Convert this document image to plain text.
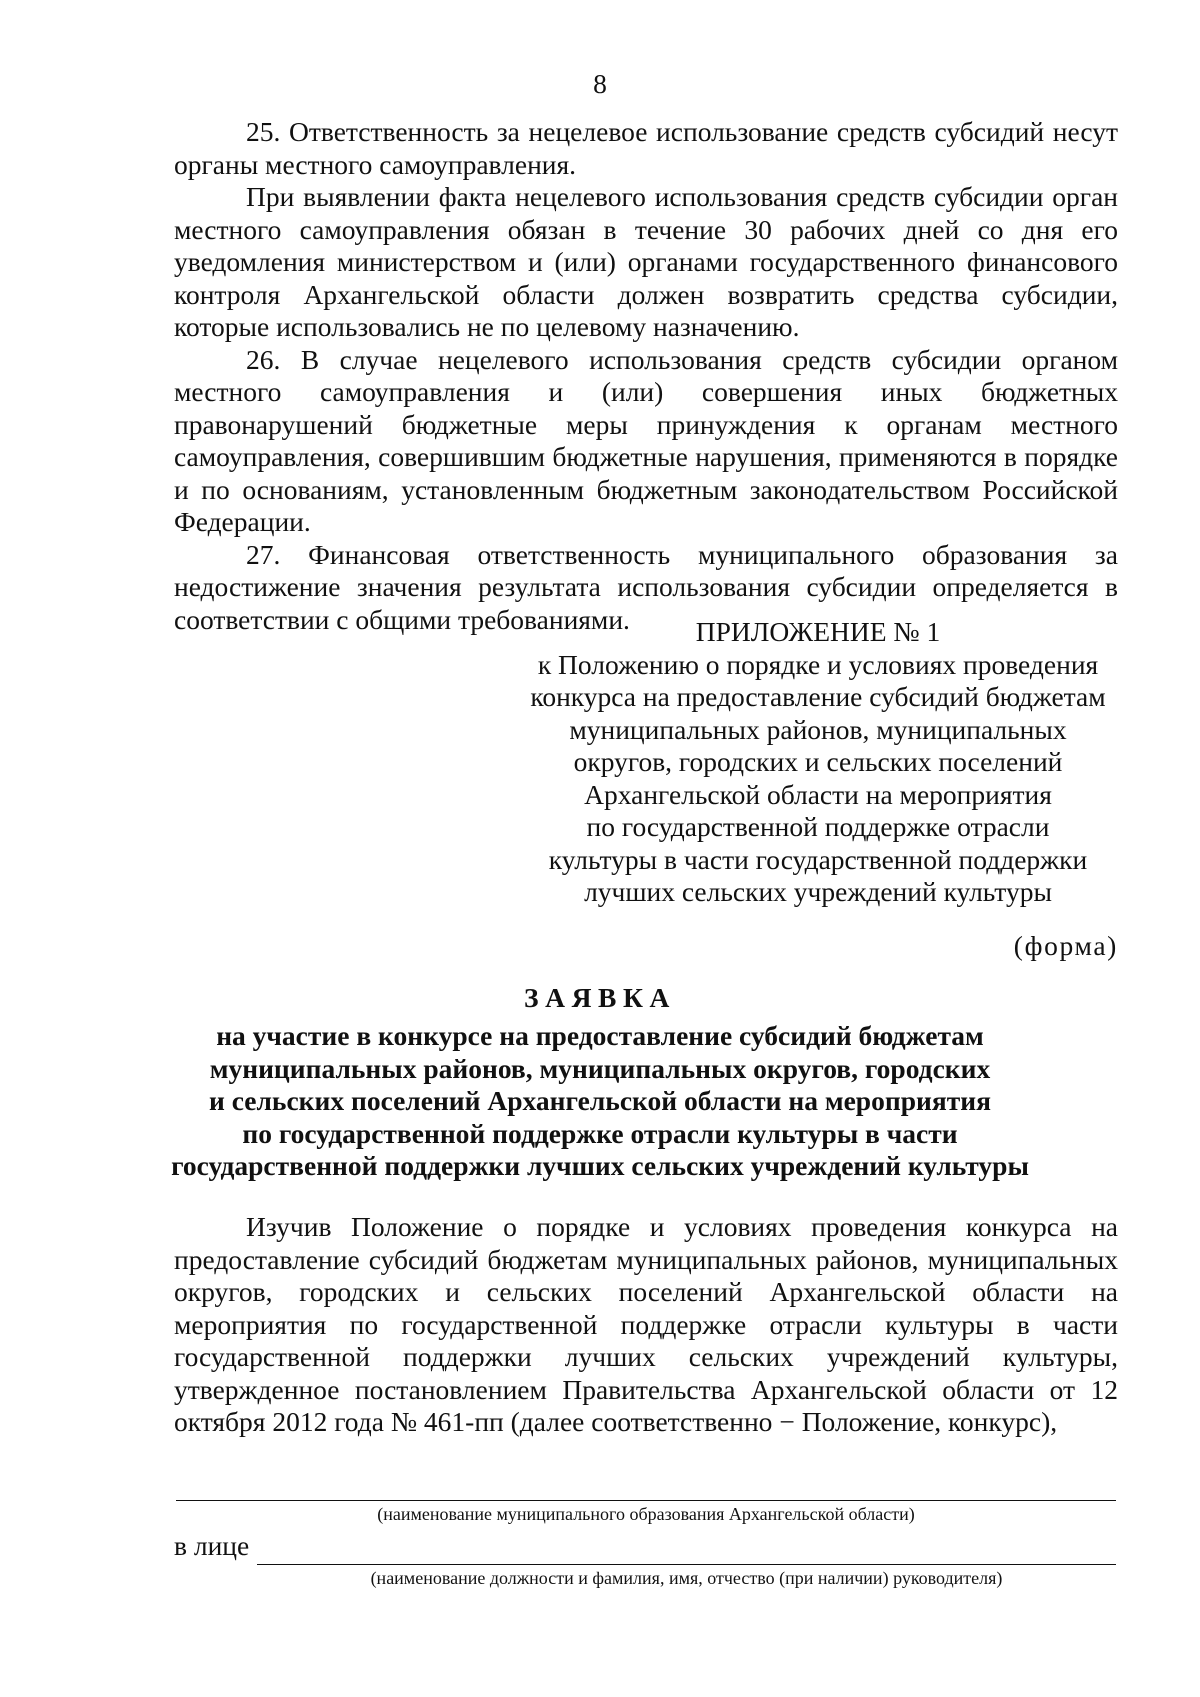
8

25. Ответственность за нецелевое использование средств субсидий несут органы местного самоуправления.

При выявлении факта нецелевого использования средств субсидии орган местного самоуправления обязан в течение 30 рабочих дней со дня его уведомления министерством и (или) органами государственного финансового контроля Архангельской области должен возвратить средства субсидии, которые использовались не по целевому назначению.

26. В случае нецелевого использования средств субсидии органом местного самоуправления и (или) совершения иных бюджетных правонарушений бюджетные меры принуждения к органам местного самоуправления, совершившим бюджетные нарушения, применяются в порядке и по основаниям, установленным бюджетным законодательством Российской Федерации.

27. Финансовая ответственность муниципального образования за недостижение значения результата использования субсидии определяется в соответствии с общими требованиями.	ПРИЛОЖЕНИЕ № 1

к Положению о порядке и условиях проведения

конкурса на предоставление субсидий бюджетам

муниципальных районов, муниципальных

округов, городских и сельских поселений

Архангельской области на мероприятия

по государственной поддержке отрасли

культуры в части государственной поддержки

лучших сельских учреждений культуры

(форма)
ЗАЯВКА
на участие в конкурсе на предоставление субсидий бюджетам
муниципальных районов, муниципальных округов, городских
и сельских поселений Архангельской области на мероприятия
по государственной поддержке отрасли культуры в части
государственной поддержки лучших сельских учреждений культуры

Изучив Положение о порядке и условиях проведения конкурса на предоставление субсидий бюджетам муниципальных районов, муниципальных округов, городских и сельских поселений Архангельской области на мероприятия по государственной поддержке отрасли культуры в части государственной поддержки лучших сельских учреждений культуры, утвержденное постановлением Правительства Архангельской области от 12 октября 2012 года № 461-пп (далее соответственно − Положение, конкурс),

(наименование муниципального образования Архангельской области)
в лице
(наименование должности и фамилия, имя, отчество (при наличии) руководителя)
